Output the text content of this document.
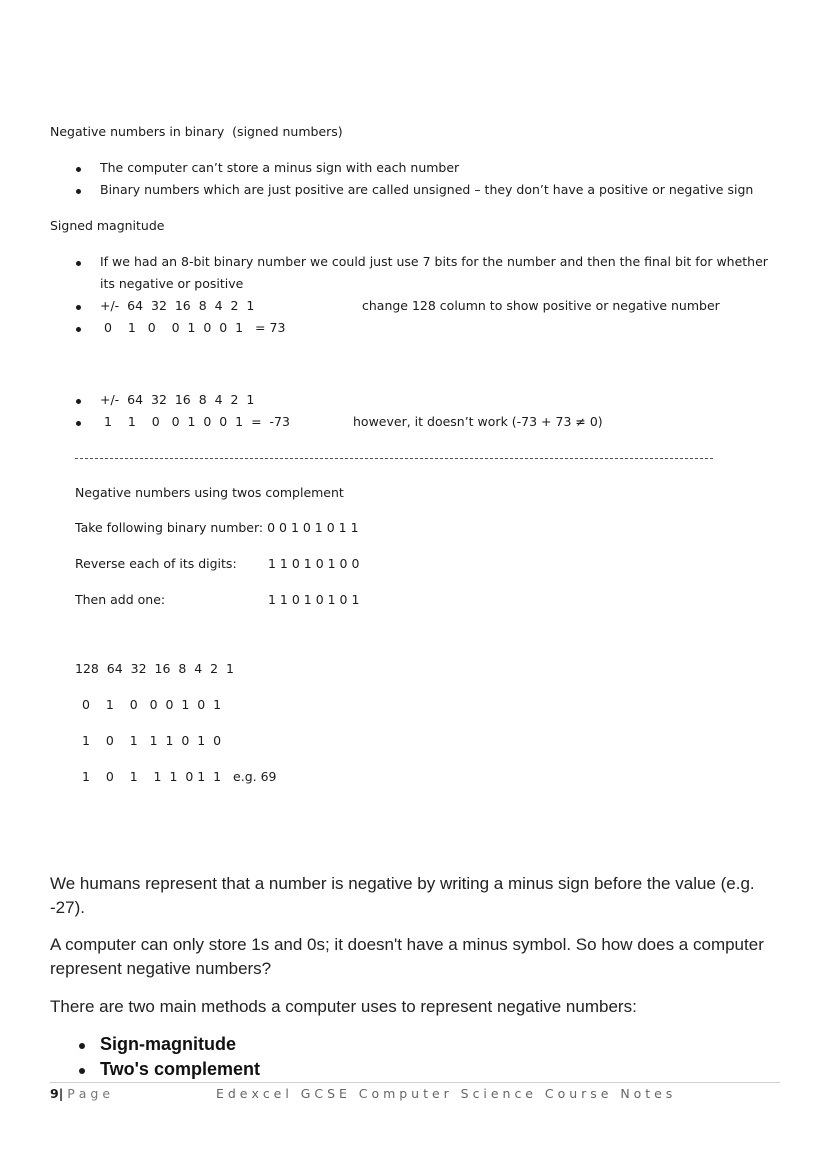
Negative numbers in binary  (signed numbers)
The computer can’t store a minus sign with each number
Binary numbers which are just positive are called unsigned – they don’t have a positive or negative sign
Signed magnitude
If we had an 8-bit binary number we could just use 7 bits for the number and then the final bit for whether
its negative or positive
+/-  64  32  16  8  4  2  1	change 128 column to show positive or negative number
0    1   0    0  1  0  0  1   = 73
+/-  64  32  16  8  4  2  1
1    1    0   0  1  0  0  1  =  -73	however, it doesn’t work (-73 + 73 ≠ 0)
Negative numbers using twos complement
Take following binary number: 0 0 1 0 1 0 1 1
Reverse each of its digits:	1 1 0 1 0 1 0 0
Then add one:	1 1 0 1 0 1 0 1
128  64  32  16  8  4  2  1
0    1    0   0  0  1  0  1
1    0    1   1  1  0  1  0
1    0    1    1  1  0 1  1   e.g. 69
We humans represent that a number is negative by writing a minus sign before the value (e.g. -27).
A computer can only store 1s and 0s; it doesn't have a minus symbol. So how does a computer represent negative numbers?
There are two main methods a computer uses to represent negative numbers:
Sign-magnitude
Two's complement
9| P a g e	E d e x c e l   G C S E   C o m p u t e r   S c i e n c e   C o u r s e   N o t e s
